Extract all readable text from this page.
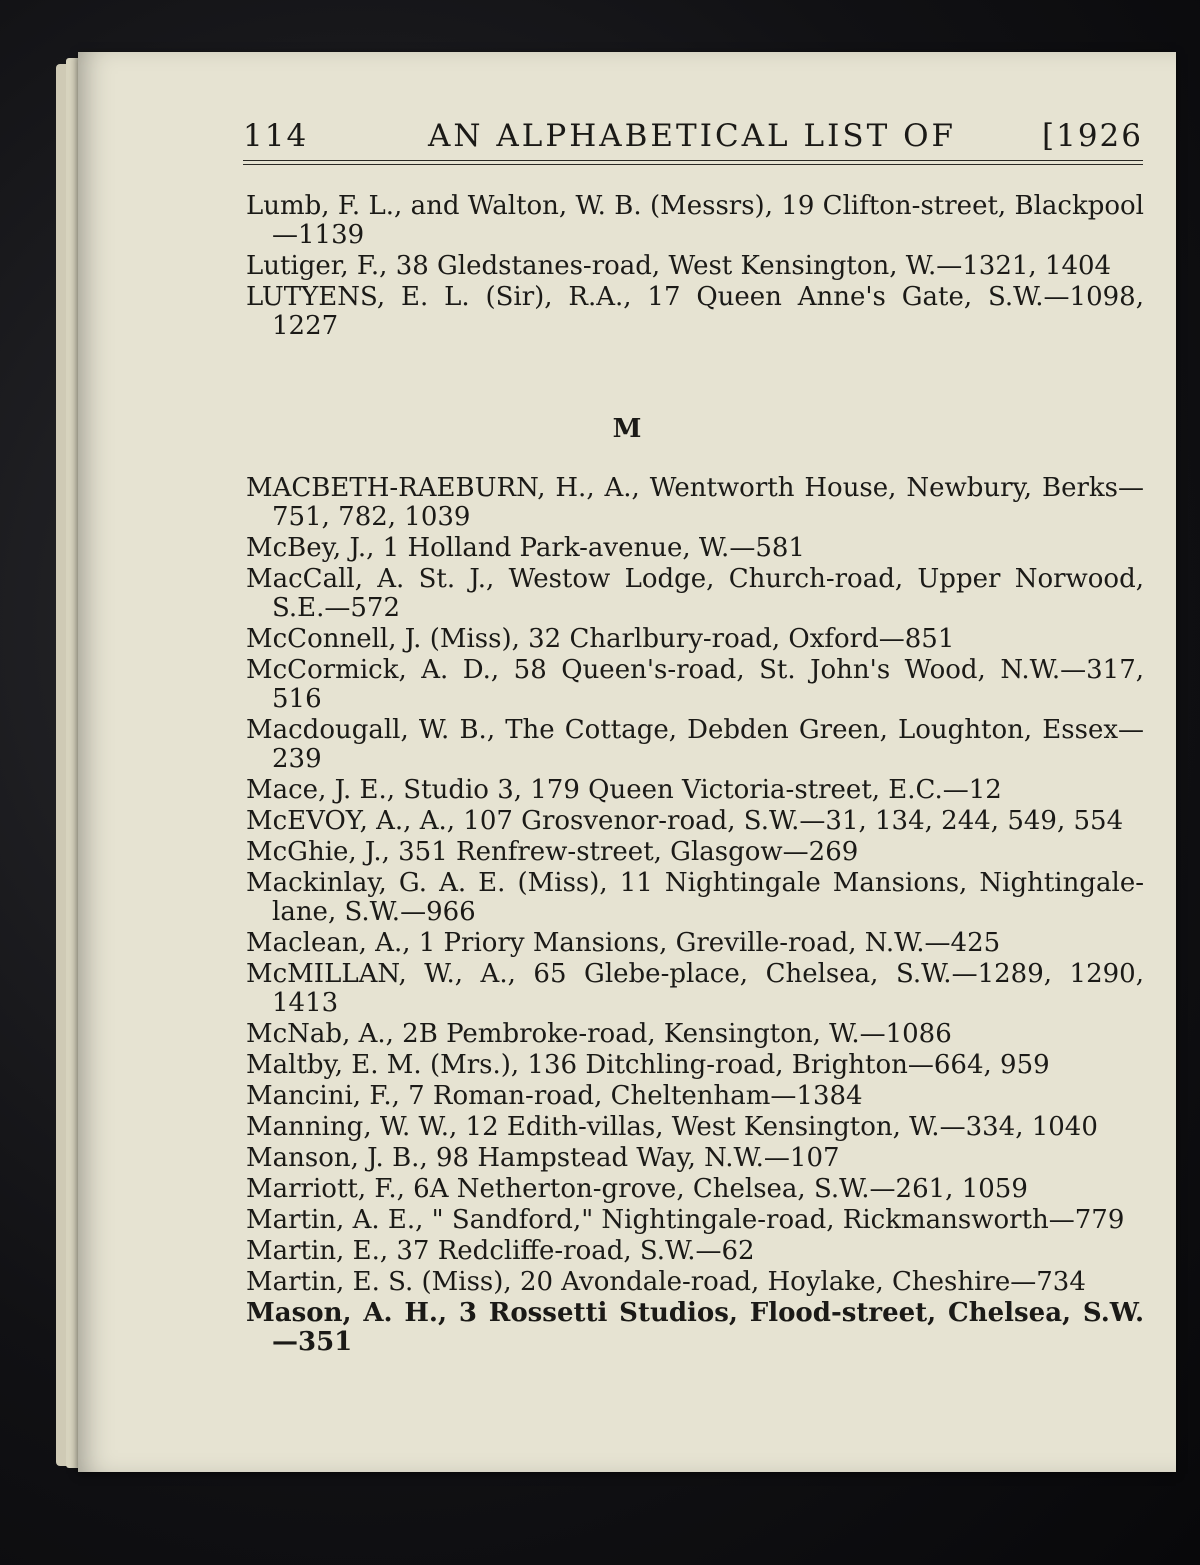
114	AN ALPHABETICAL LIST OF	[1926

Lumb, F. L., and Walton, W. B. (Messrs), 19 Clifton-street, Blackpool—1139

Lutiger, F., 38 Gledstanes-road, West Kensington, W.—1321, 1404

LUTYENS, E. L. (Sir), R.A., 17 Queen Anne's Gate, S.W.—1098, 1227

M

MACBETH-RAEBURN, H., A., Wentworth House, Newbury, Berks—751, 782, 1039

McBey, J., 1 Holland Park-avenue, W.—581

MacCall, A. St. J., Westow Lodge, Church-road, Upper Norwood, S.E.—572

McConnell, J. (Miss), 32 Charlbury-road, Oxford—851

McCormick, A. D., 58 Queen's-road, St. John's Wood, N.W.—317, 516

Macdougall, W. B., The Cottage, Debden Green, Loughton, Essex—239

Mace, J. E., Studio 3, 179 Queen Victoria-street, E.C.—12

McEVOY, A., A., 107 Grosvenor-road, S.W.—31, 134, 244, 549, 554

McGhie, J., 351 Renfrew-street, Glasgow—269

Mackinlay, G. A. E. (Miss), 11 Nightingale Mansions, Nightingale-lane, S.W.—966

Maclean, A., 1 Priory Mansions, Greville-road, N.W.—425

McMILLAN, W., A., 65 Glebe-place, Chelsea, S.W.—1289, 1290, 1413

McNab, A., 2B Pembroke-road, Kensington, W.—1086

Maltby, E. M. (Mrs.), 136 Ditchling-road, Brighton—664, 959

Mancini, F., 7 Roman-road, Cheltenham—1384

Manning, W. W., 12 Edith-villas, West Kensington, W.—334, 1040

Manson, J. B., 98 Hampstead Way, N.W.—107

Marriott, F., 6A Netherton-grove, Chelsea, S.W.—261, 1059

Martin, A. E., " Sandford," Nightingale-road, Rickmansworth—779

Martin, E., 37 Redcliffe-road, S.W.—62

Martin, E. S. (Miss), 20 Avondale-road, Hoylake, Cheshire—734

Mason, A. H., 3 Rossetti Studios, Flood-street, Chelsea, S.W.—351
